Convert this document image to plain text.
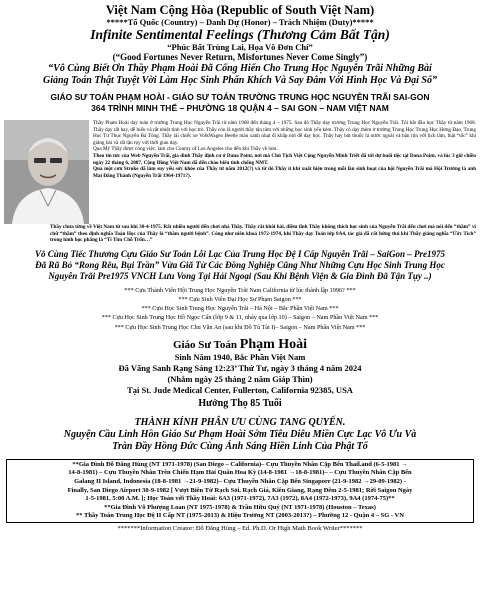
Việt Nam Cộng Hòa (Republic of South Việt Nam)
*****Tổ Quốc (Country) – Danh Dự (Honor) – Trách Nhiệm (Duty)*****
Infinite Sentimental Feelings (Thương Cảm Bất Tận)
“Phúc Bất Trùng Lai, Họa Vô Đơn Chí”
(“Good Fortunes Never Return, Misfortunes Never Come Singly”)
“Vô Cùng Biết Ơn Thầy Phạm Hoài Đã Cống Hiến Cho Trung Học Nguyễn Trãi Những Bài
Giảng Toán Thật Tuyệt Vời Làm Học Sinh Phấn Khích Và Say Đắm Với Hình Học Và Đại Số”
GIÁO SƯ TOÁN PHẠM HOÀI - GIÁO SƯ TOÁN TRƯỜNG TRUNG HỌC NGUYỄN TRÃI SAI-GON
364 TRÌNH MINH THẾ – PHƯỜNG 18 QUẬN 4 – SAI GON – NAM VIỆT NAM

Thầy Phạm Hoài dạy toán ở trường Trung Học Nguyễn Trãi từ năm 1968 đến tháng 4 – 1975. Sau đó Thầy dạy trường Trung Học Nguyễn Trãi. Tôi bắt đầu học Thầy từ năm 1968. Thầy dạy rất hay, dễ hiểu và rất nhiệt tình với học trò. Thầy còn là người thầy tận tâm với những học sinh yếu kém. Thầy có dạy thêm ở trường Trung Học Trung Học Hưng Đạo, Trung Học Tư Thục Nguyễn Bá Tòng. Thầy lái chiếc xe VolkWagen Beetle màu xanh nhạt đi khắp nơi để dạy học. Thầy hay hút thuốc lá nước ngoài và bận rộn với lịch làm, thật “tốc” khi giảng bài và rất tận tụy với thời gian dạy.

Qua Mỹ Thầy được công việc, làm cho County of Los Angeles cho đến khi Thầy về hưu.

Theo tin tức của Web Nguyễn Trãi, gia đình Thầy định cư ở Dana Point, nơi mà Chủ Tịch Việt Cộng Nguyễn Minh Triết đã tới dự buổi tiệc tại Dana Point, và lúc 3 giờ chiều ngày 22 tháng 6, 2007, Cộng Đồng Việt Nam đã đến chào biểu tình chống NMT.

Qua một cơn Stroke đã làm suy yếu sức khỏe của Thầy từ năm 2012(?) và từ đó Thầy ít khi xuất hiện trong mỗi lần sinh hoạt của hội Nguyễn Trãi mà Hội Trường là anh Mai Đăng Thành (Nguyễn Trãi 1964-1971?).

Thầy chưa từng về Việt Nam từ sau khi 30-4-1975. Rất nhiều người đến chơi nhà Thầy. Thầy rất khôi hài, điềm tĩnh Thầy không thích học sinh của Nguyễn Trãi đến chơi mà nói đến “thầm” vì chữ “thầm” theo định nghĩa Toán Học của Thầy là “thầm người bệnh”. Công như niên khoá 1972-1974, khi Thầy dạy Toán lớp 8A4, tác giả đã rất hứng thú khi Thầy giảng nghĩa “Ứớc Tích” trong hình học phẳng là “Tỉ Tìm Chỗ Trốn…”

Vô Cùng Tiếc Thương Cựu Giáo Sư Toán Lỗi Lạc Của Trung Học Đệ I Cấp Nguyễn Trãi – SaiGon – Pre1975
Đã Rũ Bỏ “Rong Rêu, Bụi Trần” Vừa Giã Từ Các Đồng Nghiệp Cũng Như Những Cựu Học Sinh Trung Học
Nguyễn Trãi Pre1975 VNCH Lưu Vong Tại Hải Ngoại (Sau Khi Bệnh Viện & Gia Đình Đã Tận Tụy ..)
*** Cựu Thành Viên Hội Trung Học Nguyễn Trãi Nam California từ lúc thành lập 1996? ***
*** Cựu Sinh Viên Đại Học Sư Phạm Saigon ***
*** Cựu Học Sinh Trung Học Nguyễn Trãi – Hà Nội – Bắc Phần Việt Nam ***
*** Cựu Học Sinh Trung Học Hồ Ngọc Cẩn (lớp 9 & 11, nhảy qua lớp 10) – Saigon – Nam Phần Việt Nam ***
*** Cựu Học Sinh Trung Học Chu Văn An (sau khi Đỗ Tú Tài I)– Saigon – Nam Phần Việt Nam ***
Giáo Sư Toán Phạm Hoài
Sinh Năm 1940, Bắc Phần Việt Nam
Đã Vãng Sanh Rạng Sáng 12:23’ Thứ Tư, ngày 3 tháng 4 năm 2024
(Nhằm ngày 25 tháng 2 năm Giáp Thìn)
Tại St. Jude Medical Center, Fullerton, California 92385, USA
Hưởng Thọ 85 Tuổi
THÀNH KÍNH PHÂN ƯU CÙNG TANG QUYẾN.
Nguyện Cầu Linh Hồn Giáo Sư Phạm Hoài Sớm Tiêu Diêu Miền Cực Lạc Vô Ưu Và
Tràn Đầy Hồng Đức Cùng Ánh Sáng Hiền Linh Của Phật Tổ
**Gia Đình Đỗ Đăng Hùng (NT 1971-1978) (San Diego – California)– Cựu Thuyền Nhân Cặp Bến Thail.and (6-5-1981 →
14-8-1981) – Cựu Thuyền Nhân Trên Chiến Hạm Hải Quân Hoa Kỳ (14-8-1981 →18-8-1981)– – Cựu Thuyền Nhân Cặp Bến
Galang II Island, Indonesia (18-8-1981 →21-9-1982)– Cựu Thuyền Nhân Cặp Bến Singapore (21-9-1982 →29-09-1982) -
Finally, San Diego Airport 30-9-1982 [ Vượt Biên Từ Rạch Sỏi, Rạch Giá, Kiên Giang, Rạng Đêm 2-5-1981; Rời Saigon Ngày
1-5-1981, 5:00 A.M. ]; Học Toán với Thầy Hoài: 6A3 (1971-1972), 7A3 (1972), 8A4 (1972-1973), 9A4 (1974-75)**
**Gia Đình Võ Phượng Loan (NT 1975-1978) & Trần Hữu Quý (NT 1971-1978) (Houston – Texas)
** Thầy Toán Trung Học Đệ II Cấp NT (1975-2013) & Hiệu Trưởng NT (2003-2013?) – Phường 12 - Quận 4 – SG - VN
*******Information Creator: Đỗ Đăng Hùng – Ed. Ph.D. Or High Math Book Writer*******
